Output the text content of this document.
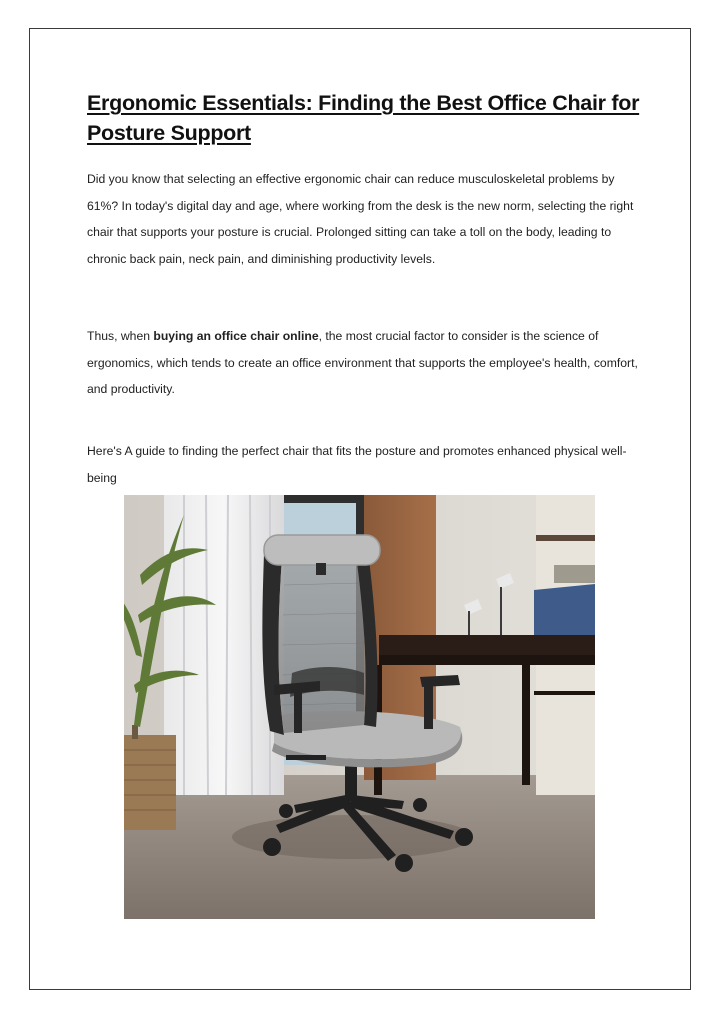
Ergonomic Essentials: Finding the Best Office Chair for Posture Support

Did you know that selecting an effective ergonomic chair can reduce musculoskeletal problems by 61%? In today's digital day and age, where working from the desk is the new norm, selecting the right chair that supports your posture is crucial. Prolonged sitting can take a toll on the body, leading to chronic back pain, neck pain, and diminishing productivity levels.

Thus, when buying an office chair online, the most crucial factor to consider is the science of ergonomics, which tends to create an office environment that supports the employee's health, comfort, and productivity.

Here's A guide to finding the perfect chair that fits the posture and promotes enhanced physical well-being
